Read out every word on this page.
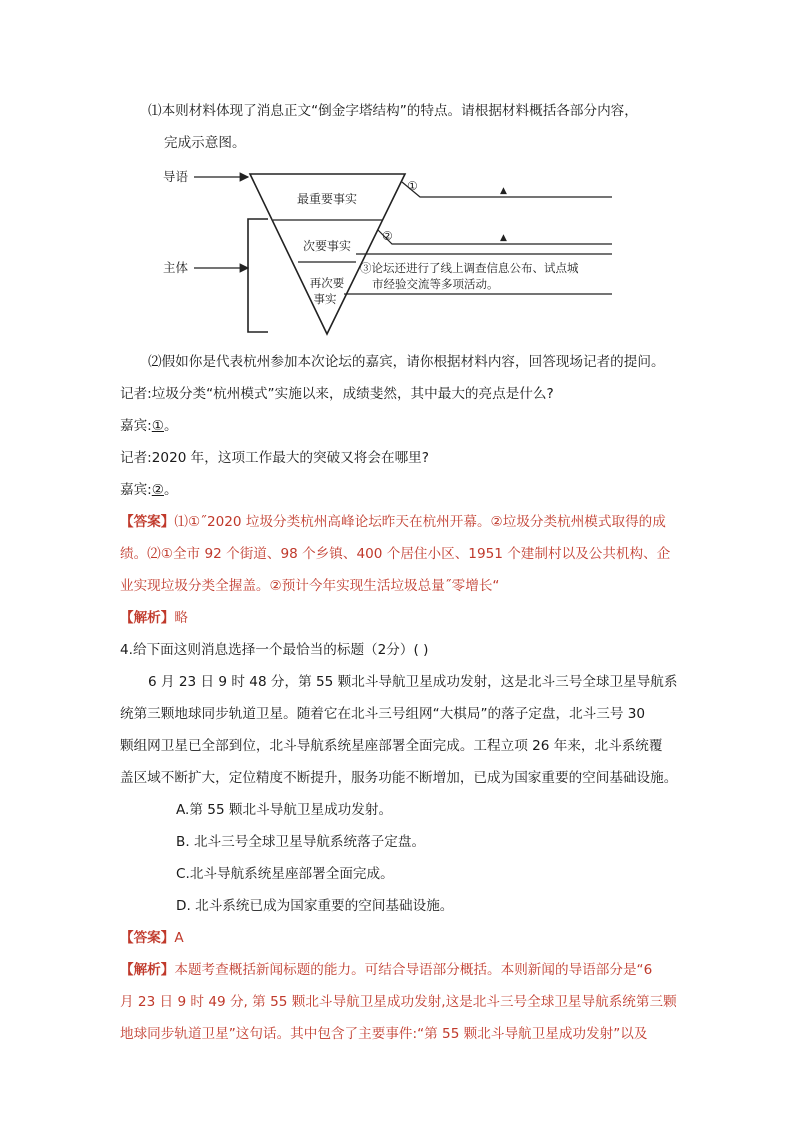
⑴本则材料体现了消息正文“倒金字塔结构”的特点。请根据材料概括各部分内容，
完成示意图。
导语
主体
最重要事实
次要事实
再次要
事实
①	▲
②	▲
③论坛还进行了线上调查信息公布、试点城
市经验交流等多项活动。
⑵假如你是代表杭州参加本次论坛的嘉宾，请你根据材料内容，回答现场记者的提问。
记者:垃圾分类“杭州模式”实施以来，成绩斐然，其中最大的亮点是什么?
嘉宾:①。
记者:2020 年，这项工作最大的突破又将会在哪里?
嘉宾:②。
【答案】⑴①˝2020 垃圾分类杭州高峰论坛昨天在杭州开幕。②垃圾分类杭州模式取得的成
绩。⑵①全市 92 个街道、98 个乡镇、400 个居住小区、1951 个建制村以及公共机构、企
业实现垃圾分类全握盖。②预计今年实现生活垃圾总量˝零增长“
【解析】略
4.给下面这则消息选择一个最恰当的标题（2分）( )
6 月 23 日 9 时 48 分，第 55 颗北斗导航卫星成功发射，这是北斗三号全球卫星导航系
统第三颗地球同步轨道卫星。随着它在北斗三号组网“大棋局”的落子定盘，北斗三号 30
颗组网卫星已全部到位，北斗导航系统星座部署全面完成。工程立项 26 年来，北斗系统覆
盖区域不断扩大，定位精度不断提升，服务功能不断增加，已成为国家重要的空间基础设施。
A.第 55 颗北斗导航卫星成功发射。
B. 北斗三号全球卫星导航系统落子定盘。
C.北斗导航系统星座部署全面完成。
D. 北斗系统已成为国家重要的空间基础设施。
【答案】A
【解析】本题考查概括新闻标题的能力。可结合导语部分概括。本则新闻的导语部分是“6
月 23 日 9 时 49 分, 第 55 颗北斗导航卫星成功发射,这是北斗三号全球卫星导航系统第三颗
地球同步轨道卫星”这句话。其中包含了主要事件:“第 55 颗北斗导航卫星成功发射”以及
